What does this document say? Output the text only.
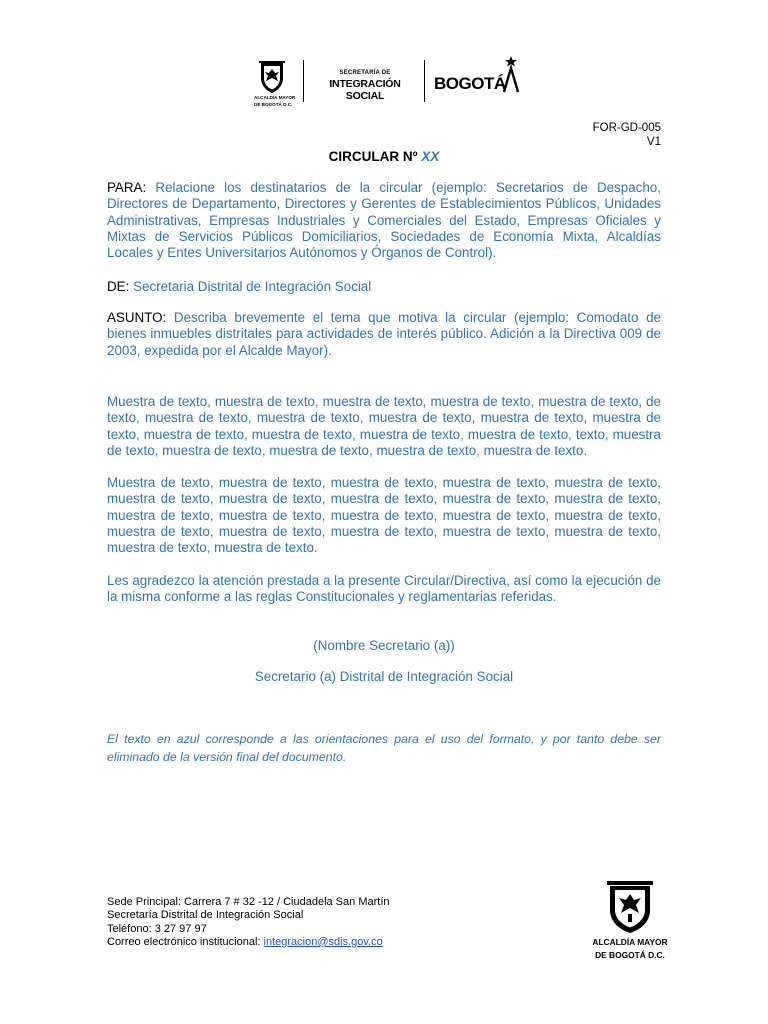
ALCALDÍA MAYOR
DE BOGOTÁ D.C.
SECRETARÍA DE
INTEGRACIÓN SOCIAL
BOGOTÁ
FOR-GD-005
V1
CIRCULAR Nº XX
PARA: Relacione los destinatarios de la circular (ejemplo: Secretarios de Despacho, Directores de Departamento, Directores y Gerentes de Establecimientos Públicos, Unidades Administrativas, Empresas Industriales y Comerciales del Estado, Empresas Oficiales y Mixtas de Servicios Públicos Domiciliarios, Sociedades de Economía Mixta, Alcaldías Locales y Entes Universitarios Autónomos y Órganos de Control).
DE: Secretaria Distrital de Integración Social
ASUNTO: Describa brevemente el tema que motiva la circular (ejemplo: Comodato de bienes inmuebles distritales para actividades de interés público. Adición a la Directiva 009 de 2003, expedida por el Alcalde Mayor).
Muestra de texto, muestra de texto, muestra de texto, muestra de texto, muestra de texto, de texto, muestra de texto, muestra de texto, muestra de texto, muestra de texto, muestra de texto, muestra de texto, muestra de texto, muestra de texto, muestra de texto, texto, muestra de texto, muestra de texto, muestra de texto, muestra de texto, muestra de texto.
Muestra de texto, muestra de texto, muestra de texto, muestra de texto, muestra de texto, muestra de texto, muestra de texto, muestra de texto, muestra de texto, muestra de texto, muestra de texto, muestra de texto, muestra de texto, muestra de texto, muestra de texto, muestra de texto, muestra de texto, muestra de texto, muestra de texto, muestra de texto, muestra de texto, muestra de texto.
Les agradezco la atención prestada a la presente Circular/Directiva, así como la ejecución de la misma conforme a las reglas Constitucionales y reglamentarias referidas.
(Nombre Secretario (a))
Secretario (a) Distrital de Integración Social
El texto en azul corresponde a las orientaciones para el uso del formato, y por tanto debe ser eliminado de la versión final del documento.
Sede Principal: Carrera 7 # 32 -12 / Ciudadela San Martín
Secretaría Distrital de Integración Social
Teléfono: 3 27 97 97
Correo electrónico institucional: integracion@sdis.gov.co	ALCALDÍA MAYOR
DE BOGOTÁ D.C.
